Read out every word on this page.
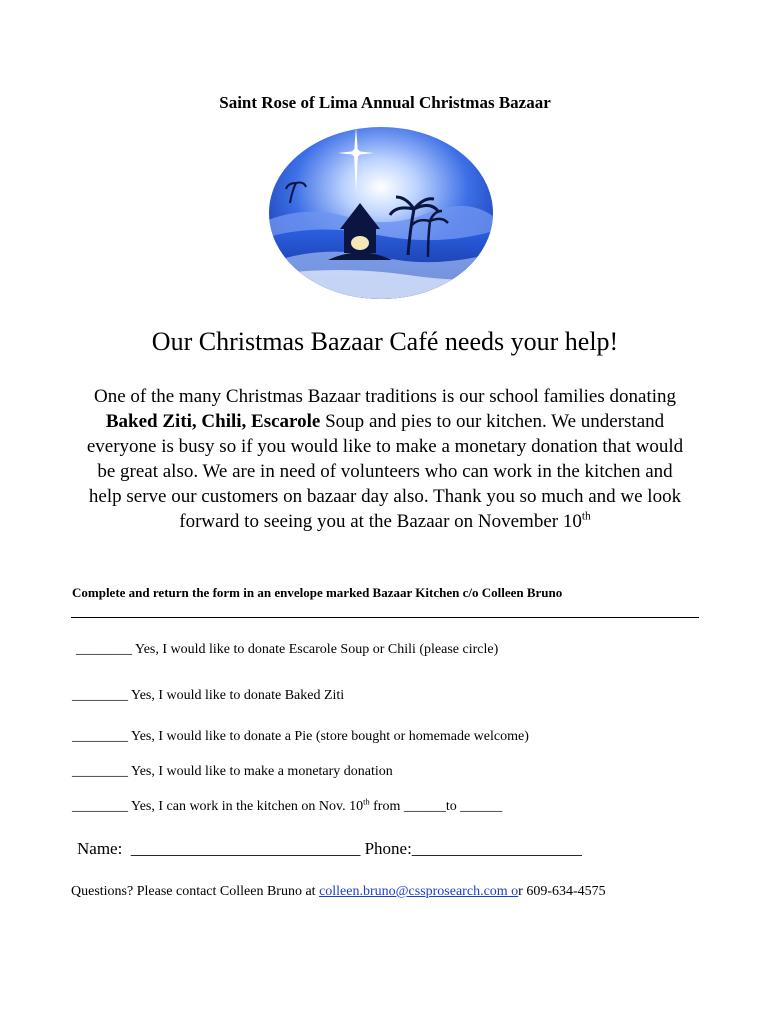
Saint Rose of Lima Annual Christmas Bazaar
Our Christmas Bazaar Café needs your help!
One of the many Christmas Bazaar traditions is our school families donating Baked Ziti, Chili, Escarole Soup and pies to our kitchen. We understand everyone is busy so if you would like to make a monetary donation that would be great also. We are in need of volunteers who can work in the kitchen and help serve our customers on bazaar day also. Thank you so much and we look forward to seeing you at the Bazaar on November 10th
Complete and return the form in an envelope marked Bazaar Kitchen c/o Colleen Bruno
________ Yes, I would like to donate Escarole Soup or Chili (please circle)
________ Yes, I would like to donate Baked Ziti
________ Yes, I would like to donate a Pie (store bought or homemade welcome)
________ Yes, I would like to make a monetary donation
________ Yes, I can work in the kitchen on Nov. 10th from ______to ______
Name: ___________________________ Phone:____________________
Questions? Please contact Colleen Bruno at colleen.bruno@cssprosearch.com or 609-634-4575
